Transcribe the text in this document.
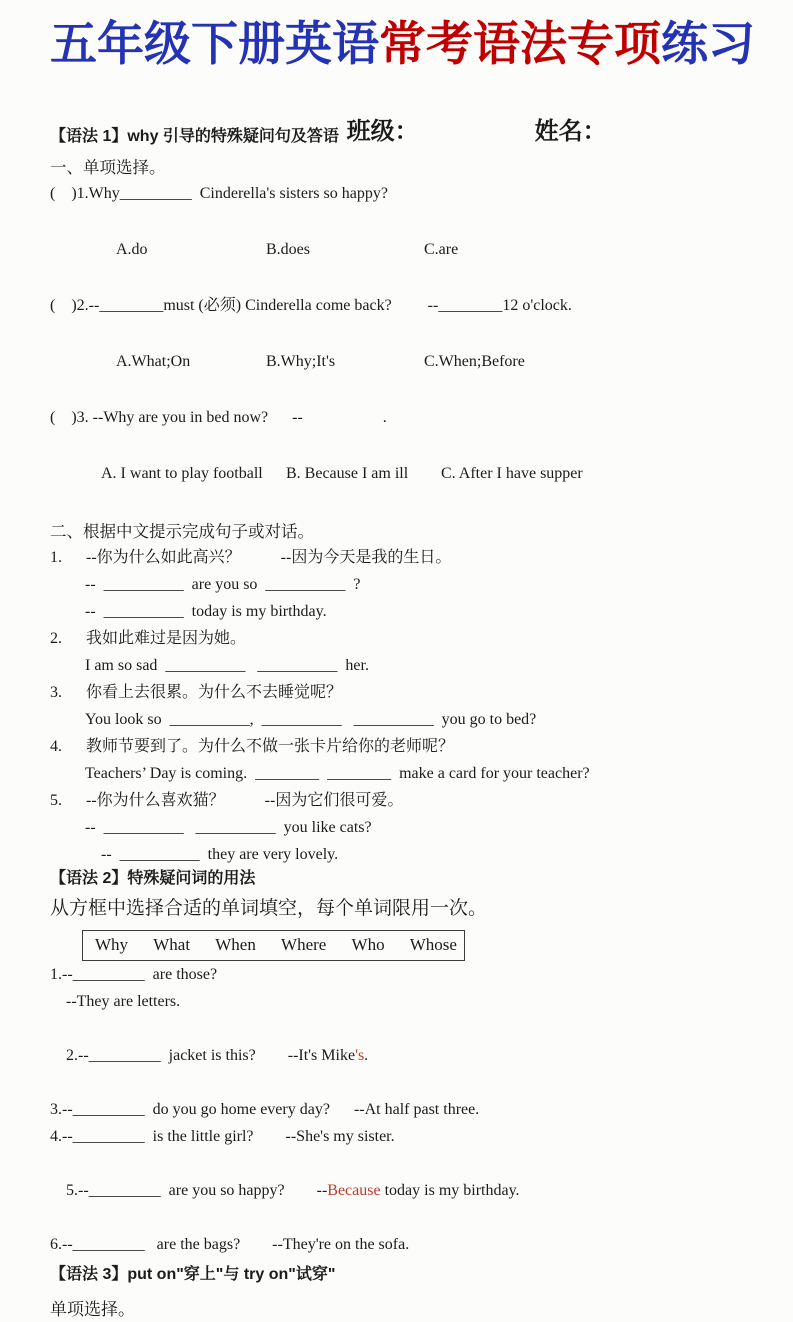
五年级下册英语常考语法专项练习

班级：	姓名：

【语法 1】why 引导的特殊疑问句及答语
一、单项选择。
(    )1.Why_________  Cinderella's sisters so happy?

A.do	B.does	C.are

(    )2.--________must (必须) Cinderella come back?         --________12 o'clock.

A.What;On	B.Why;It's	C.When;Before

(    )3. --Why are you in bed now?      --                    .

A. I want to play football B. Because I am ill C. After I have supper

二、根据中文提示完成句子或对话。
1.      --你为什么如此高兴？          --因为今天是我的生日。
--  __________  are you so  __________  ?
--  __________  today is my birthday.
2.      我如此难过是因为她。
I am so sad  __________   __________  her.
3.      你看上去很累。为什么不去睡觉呢？
You look so  __________,  __________   __________  you go to bed?
4.      教师节要到了。为什么不做一张卡片给你的老师呢？
Teachers’ Day is coming.  ________  ________  make a card for your teacher?
5.      --你为什么喜欢猫？          --因为它们很可爱。
--  __________   __________  you like cats?
--  __________  they are very lovely.
【语法 2】特殊疑问词的用法
从方框中选择合适的单词填空，每个单词限用一次。
Why      What      When      Where      Who      Whose
1.--_________  are those?
--They are letters.

2.--_________  jacket is this?        --It's Mike's.

3.--_________  do you go home every day?      --At half past three.
4.--_________  is the little girl?        --She's my sister.

5.--_________  are you so happy?        --Because today is my birthday.

6.--_________   are the bags?        --They're on the sofa.
【语法 3】put on"穿上"与 try on"试穿"
单项选择。
